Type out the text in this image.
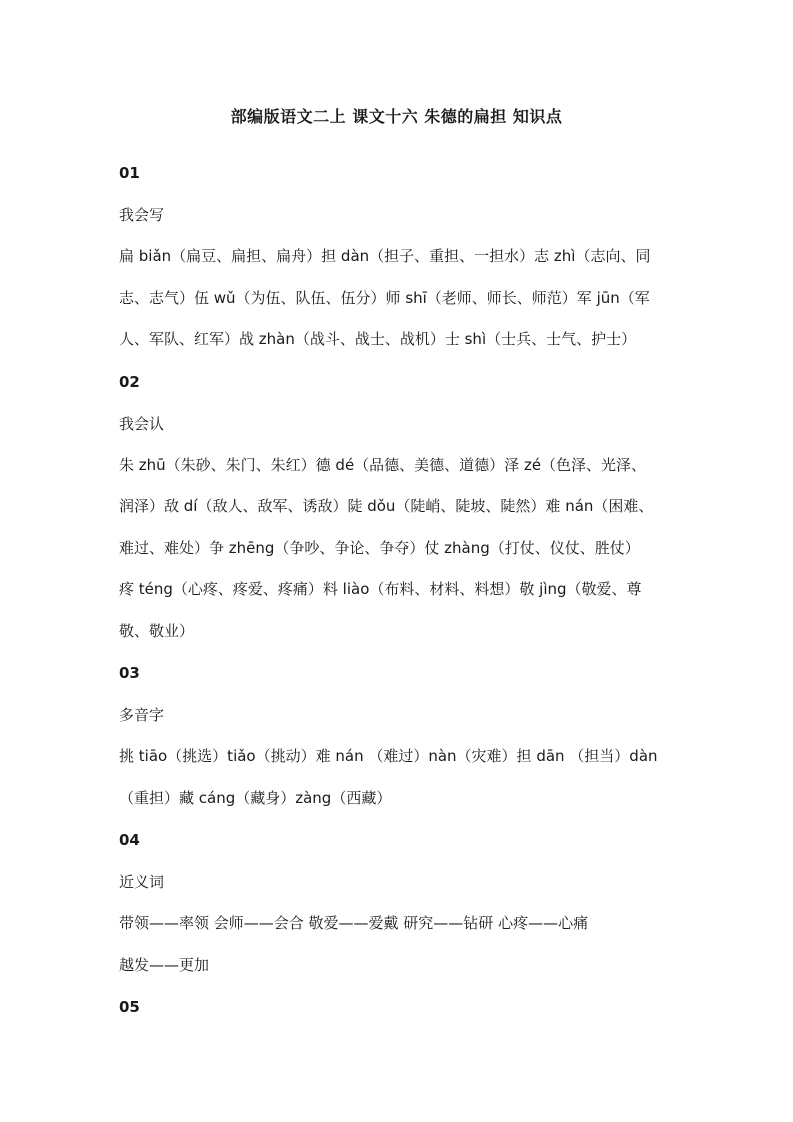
部编版语文二上 课文十六 朱德的扁担 知识点
01
我会写
扁 biǎn（扁豆、扁担、扁舟）担 dàn（担子、重担、一担水）志 zhì（志向、同
志、志气）伍 wǔ（为伍、队伍、伍分）师 shī（老师、师长、师范）军 jūn（军
人、军队、红军）战 zhàn（战斗、战士、战机）士 shì（士兵、士气、护士）
02
我会认
朱 zhū（朱砂、朱门、朱红）德 dé（品德、美德、道德）泽 zé（色泽、光泽、
润泽）敌 dí（敌人、敌军、诱敌）陡 dǒu（陡峭、陡坡、陡然）难 nán（困难、
难过、难处）争 zhēng（争吵、争论、争夺）仗 zhàng（打仗、仪仗、胜仗）
疼 téng（心疼、疼爱、疼痛）料 liào（布料、材料、料想）敬 jìng（敬爱、尊
敬、敬业）
03
多音字
挑 tiāo（挑选）tiǎo（挑动）难 nán （难过）nàn（灾难）担 dān （担当）dàn
（重担）藏 cáng（藏身）zàng（西藏）
04
近义词
带领——率领 会师——会合 敬爱——爱戴 研究——钻研 心疼——心痛
越发——更加
05
